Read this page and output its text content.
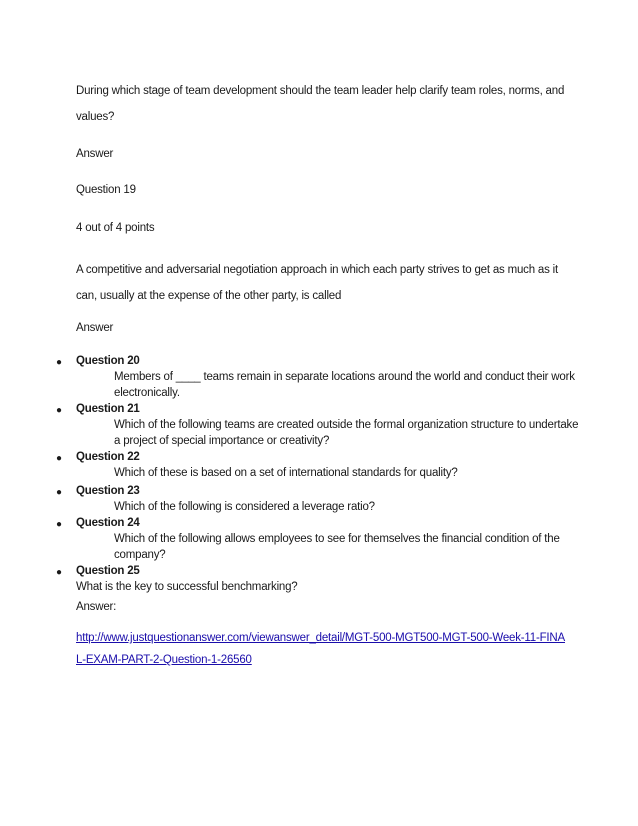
During which stage of team development should the team leader help clarify team roles, norms, and values?

Answer

Question 19

4 out of 4 points

A competitive and adversarial negotiation approach in which each party strives to get as much as it can, usually at the expense of the other party, is called

Answer

● Question 20
Members of ____ teams remain in separate locations around the world and conduct their work electronically.
● Question 21
Which of the following teams are created outside the formal organization structure to undertake a project of special importance or creativity?
● Question 22
Which of these is based on a set of international standards for quality?
● Question 23
Which of the following is considered a leverage ratio?
● Question 24
Which of the following allows employees to see for themselves the financial condition of the company?
● Question 25
What is the key to successful benchmarking?

Answer:

http://www.justquestionanswer.com/viewanswer_detail/MGT-500-MGT500-MGT-500-Week-11-FINAL-EXAM-PART-2-Question-1-26560
